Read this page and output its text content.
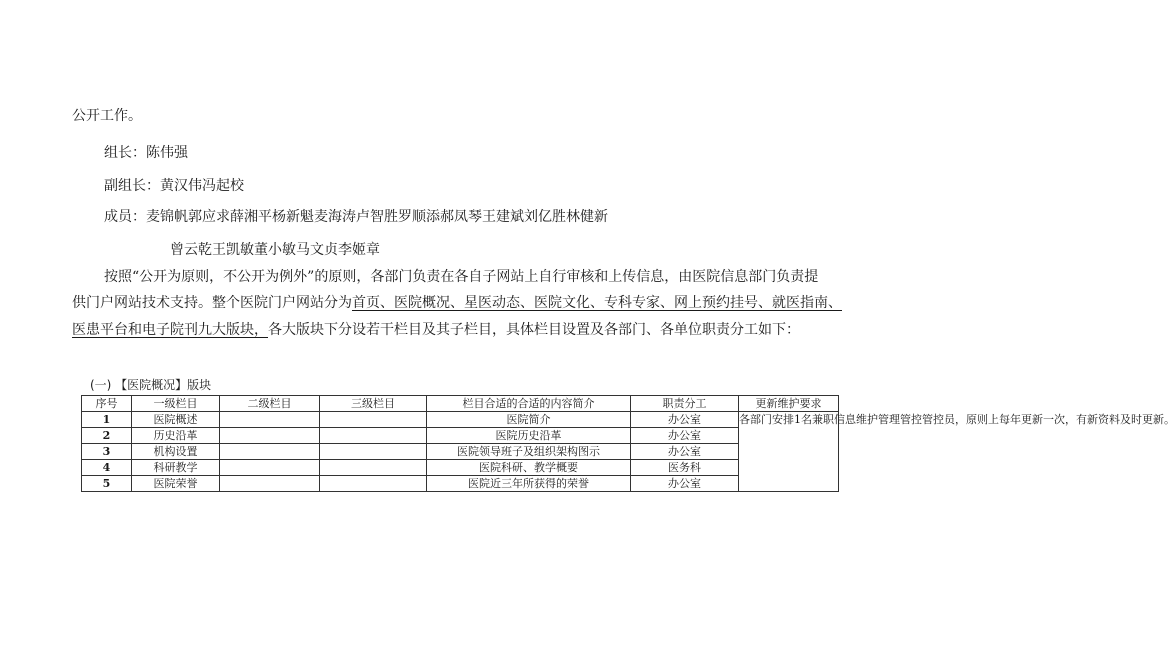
公开工作。
组长：陈伟强
副组长：黄汉伟冯起校
成员：麦锦帆郭应求薛湘平杨新魁麦海涛卢智胜罗顺添郝凤琴王建斌刘亿胜林健新
曾云乾王凯敏董小敏马文贞李姬章
按照“公开为原则，不公开为例外”的原则，各部门负责在各自子网站上自行审核和上传信息，由医院信息部门负责提
供门户网站技术支持。整个医院门户网站分为首页、医院概况、星医动态、医院文化、专科专家、网上预约挂号、就医指南、
医患平台和电子院刊九大版块，各大版块下分设若干栏目及其子栏目，具体栏目设置及各部门、各单位职责分工如下：
(一) 【医院概况】版块
序号	一级栏目	二级栏目	三级栏目	栏目合适的合适的内容简介	职责分工	更新维护要求
1	医院概述			医院简介	办公室	各部门安排1名兼职信息维护管理管控管控员，原则上每年更新一次，有新资料及时更新。
2	历史沿革			医院历史沿革	办公室	
3	机构设置			医院领导班子及组织架构图示	办公室	
4	科研教学			医院科研、教学概要	医务科	
5	医院荣誉			医院近三年所获得的荣誉	办公室	
